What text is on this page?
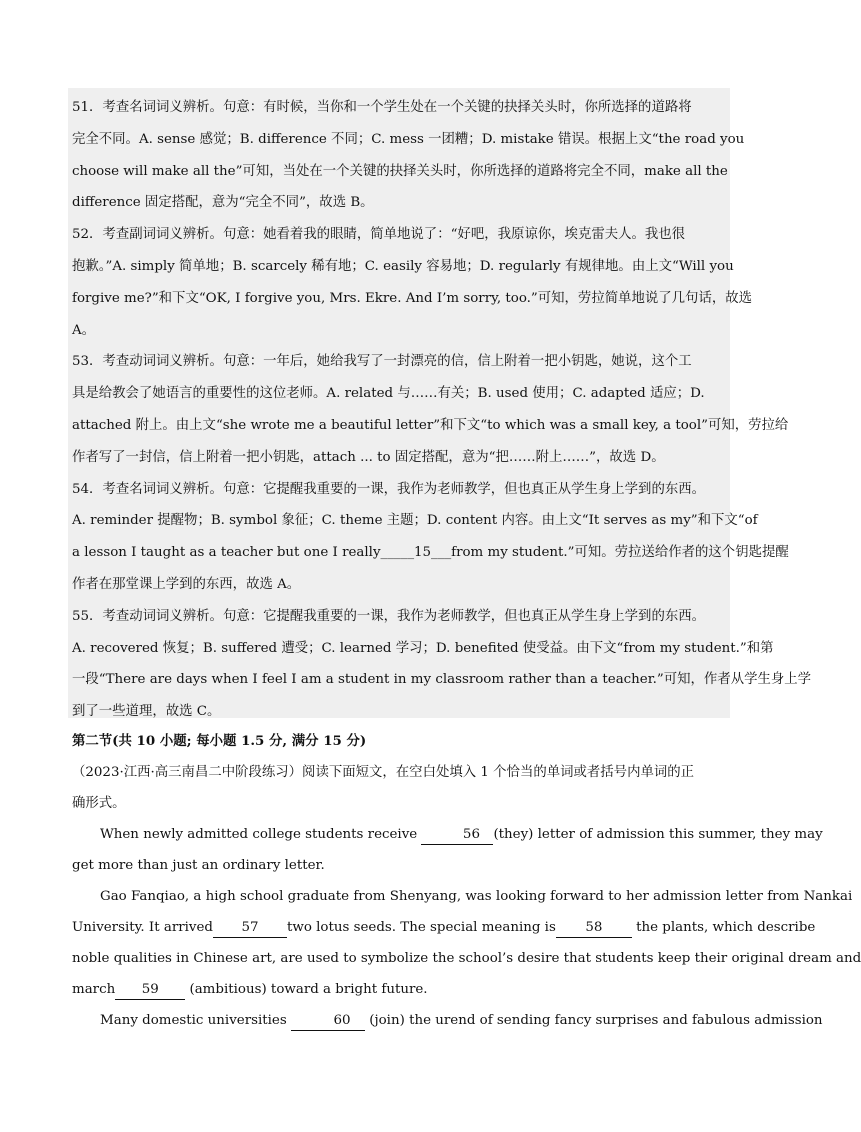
51．考查名词词义辨析。句意：有时候，当你和一个学生处在一个关键的抉择关头时，你所选择的道路将
完全不同。A. sense 感觉；B. difference 不同；C. mess 一团糟；D. mistake 错误。根据上文“the road you
choose will make all the”可知，当处在一个关键的抉择关头时，你所选择的道路将完全不同，make all the
difference 固定搭配，意为“完全不同”，故选 B。
52．考查副词词义辨析。句意：她看着我的眼睛，简单地说了：“好吧，我原谅你，埃克雷夫人。我也很
抱歉。”A. simply 简单地；B. scarcely 稀有地；C. easily 容易地；D. regularly 有规律地。由上文“Will you
forgive me?”和下文“OK, I forgive you, Mrs. Ekre. And I’m sorry, too.”可知，劳拉简单地说了几句话，故选
A。
53．考查动词词义辨析。句意：一年后，她给我写了一封漂亮的信，信上附着一把小钥匙，她说，这个工
具是给教会了她语言的重要性的这位老师。A. related 与……有关；B. used 使用；C. adapted 适应；D.
attached 附上。由上文“she wrote me a beautiful letter”和下文“to which was a small key, a tool”可知，劳拉给
作者写了一封信，信上附着一把小钥匙，attach ... to 固定搭配，意为“把……附上……”，故选 D。
54．考查名词词义辨析。句意：它提醒我重要的一课，我作为老师教学，但也真正从学生身上学到的东西。
A. reminder 提醒物；B. symbol 象征；C. theme 主题；D. content 内容。由上文“It serves as my”和下文“of
a lesson I taught as a teacher but one I really_____15___from my student.”可知。劳拉送给作者的这个钥匙提醒
作者在那堂课上学到的东西，故选 A。
55．考查动词词义辨析。句意：它提醒我重要的一课，我作为老师教学，但也真正从学生身上学到的东西。
A. recovered 恢复；B. suffered 遭受；C. learned 学习；D. benefited 使受益。由下文“from my student.”和第
一段“There are days when I feel I am a student in my classroom rather than a teacher.”可知，作者从学生身上学
到了一些道理，故选 C。
第二节(共 10 小题; 每小题 1.5 分, 满分 15 分)
（2023·江西·高三南昌二中阶段练习）阅读下面短文，在空白处填入 1 个恰当的单词或者括号内单词的正
确形式。
When newly admitted college students receive	56 (they) letter of admission this summer, they may
get more than just an ordinary letter.
Gao Fanqiao, a high school graduate from Shenyang, was looking forward to her admission letter from Nankai
University. It arrived 57 two lotus seeds. The special meaning is 58 the plants, which describe
noble qualities in Chinese art, are used to symbolize the school’s desire that students keep their original dream and
march 59 (ambitious) toward a bright future.
Many domestic universities	60 (join) the urend of sending fancy surprises and fabulous admission
